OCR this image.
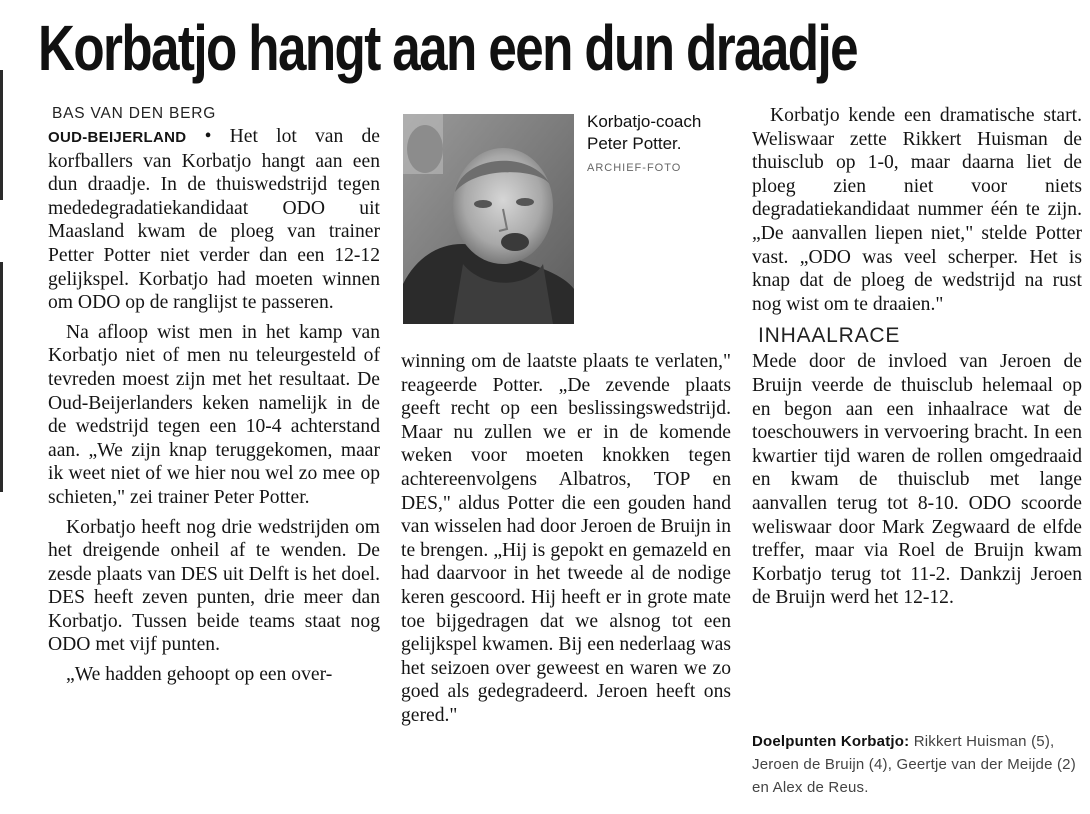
Korbatjo hangt aan een dun draadje
BAS VAN DEN BERG

OUD-BEIJERLAND • Het lot van de korfballers van Korbatjo hangt aan een dun draadje. In de thuiswedstrijd tegen mededegradatiekandidaat ODO uit Maasland kwam de ploeg van trainer Petter Potter niet verder dan een 12-12 gelijkspel. Korbatjo had moeten winnen om ODO op de ranglijst te passeren.

Na afloop wist men in het kamp van Korbatjo niet of men nu teleurgesteld of tevreden moest zijn met het resultaat. De Oud-Beijerlanders keken namelijk in de de wedstrijd tegen een 10-4 achterstand aan. „We zijn knap teruggekomen, maar ik weet niet of we hier nou wel zo mee op schieten," zei trainer Peter Potter.

Korbatjo heeft nog drie wedstrijden om het dreigende onheil af te wenden. De zesde plaats van DES uit Delft is het doel. DES heeft zeven punten, drie meer dan Korbatjo. Tussen beide teams staat nog ODO met vijf punten.

„We hadden gehoopt op een over-

Korbatjo-coach Peter Potter. ARCHIEF-FOTO

winning om de laatste plaats te verlaten," reageerde Potter. „De zevende plaats geeft recht op een beslissingswedstrijd. Maar nu zullen we er in de komende weken voor moeten knokken tegen achtereenvolgens Albatros, TOP en DES," aldus Potter die een gouden hand van wisselen had door Jeroen de Bruijn in te brengen. „Hij is gepokt en gemazeld en had daarvoor in het tweede al de nodige keren gescoord. Hij heeft er in grote mate toe bijgedragen dat we alsnog tot een gelijkspel kwamen. Bij een nederlaag was het seizoen over geweest en waren we zo goed als gedegradeerd. Jeroen heeft ons gered."

Korbatjo kende een dramatische start. Weliswaar zette Rikkert Huisman de thuisclub op 1-0, maar daarna liet de ploeg zien niet voor niets degradatiekandidaat nummer één te zijn. „De aanvallen liepen niet," stelde Potter vast. „ODO was veel scherper. Het is knap dat de ploeg de wedstrijd na rust nog wist om te draaien."

INHAALRACE

Mede door de invloed van Jeroen de Bruijn veerde de thuisclub helemaal op en begon aan een inhaalrace wat de toeschouwers in vervoering bracht. In een kwartier tijd waren de rollen omgedraaid en kwam de thuisclub met lange aanvallen terug tot 8-10. ODO scoorde weliswaar door Mark Zegwaard de elfde treffer, maar via Roel de Bruijn kwam Korbatjo terug tot 11-2. Dankzij Jeroen de Bruijn werd het 12-12.

Doelpunten Korbatjo: Rikkert Huisman (5), Jeroen de Bruijn (4), Geertje van der Meijde (2) en Alex de Reus.
